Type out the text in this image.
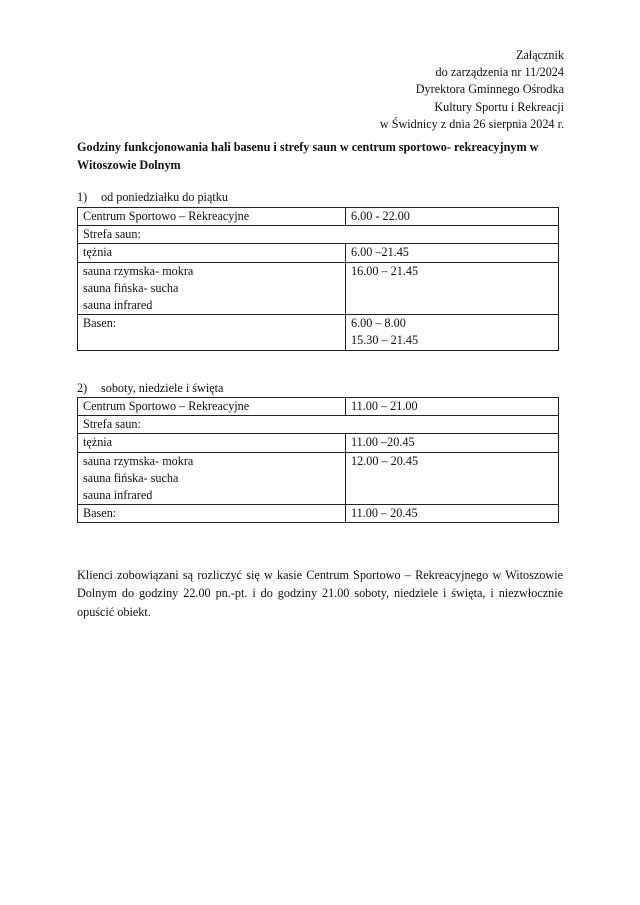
Załącznik
do zarządzenia nr 11/2024
Dyrektora Gminnego Ośrodka
Kultury Sportu i Rekreacji
w Świdnicy z dnia 26 sierpnia 2024 r.
Godziny funkcjonowania hali basenu i strefy saun w centrum sportowo- rekreacyjnym w Witoszowie Dolnym
1) od poniedziałku do piątku
Centrum Sportowo – Rekreacyjne	6.00 - 22.00
Strefa saun:	
tężnia	6.00 –21.45

sauna rzymska- mokra
sauna fińska- sucha
sauna infrared	16.00 – 21.45
Basen:	6.00 – 8.00
15.30 – 21.45
2) soboty, niedziele i święta
Centrum Sportowo – Rekreacyjne	11.00 – 21.00
Strefa saun:	
tężnia	11.00 –20.45

sauna rzymska- mokra
sauna fińska- sucha
sauna infrared	12.00 – 20.45
Basen:	11.00 – 20.45

Klienci zobowiązani są rozliczyć się w kasie Centrum Sportowo – Rekreacyjnego w Witoszowie Dolnym do godziny 22.00 pn.-pt. i do godziny 21.00 soboty, niedziele i święta, i niezwłocznie opuścić obiekt.
